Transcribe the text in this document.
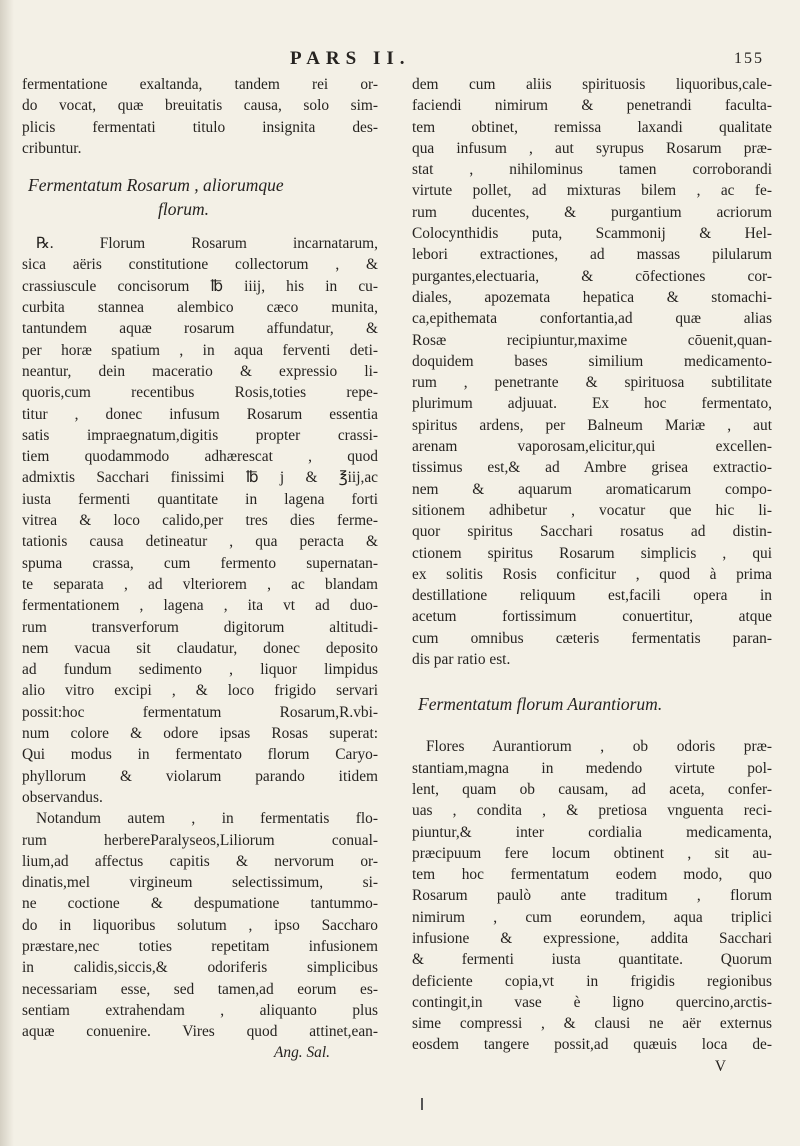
PARS II.	155

fermentatione exaltanda, tandem rei or-

do vocat, quæ breuitatis causa, solo sim-

plicis fermentati titulo insignita des-

cribuntur.

Fermentatum Rosarum , aliorumque
florum.

℞. Florum Rosarum incarnatarum,

sica aëris constitutione collectorum , &

crassiuscule concisorum ℔ iiij, his in cu-

curbita stannea alembico cæco munita,

tantundem aquæ rosarum affundatur, &

per horæ spatium , in aqua ferventi deti-

neantur, dein maceratio & expressio li-

quoris,cum recentibus Rosis,toties repe-

titur , donec infusum Rosarum essentia

satis impraegnatum,digitis propter crassi-

tiem quodammodo adhærescat , quod

admixtis Sacchari finissimi ℔ j & ℥iij,ac

iusta fermenti quantitate in lagena forti

vitrea & loco calido,per tres dies ferme-

tationis causa detineatur , qua peracta &

spuma crassa, cum fermento supernatan-

te separata , ad vlteriorem , ac blandam

fermentationem , lagena , ita vt ad duo-

rum transverforum digitorum altitudi-

nem vacua sit claudatur, donec deposito

ad fundum sedimento , liquor limpidus

alio vitro excipi , & loco frigido servari

possit:hoc fermentatum Rosarum,R.vbi-

num colore & odore ipsas Rosas superat:

Qui modus in fermentato florum Caryo-

phyllorum & violarum parando itidem

observandus.

Notandum autem , in fermentatis flo-

rum herbereParalyseos,Liliorum conual-

lium,ad affectus capitis & nervorum or-

dinatis,mel virgineum selectissimum, si-

ne coctione & despumatione tantummo-

do in liquoribus solutum , ipso Saccharo

præstare,nec toties repetitam infusionem

in calidis,siccis,& odoriferis simplicibus

necessariam esse, sed tamen,ad eorum es-

sentiam extrahendam , aliquanto plus

aquæ conuenire. Vires quod attinet,ean-

Ang. Sal.

dem cum aliis spirituosis liquoribus,cale-

faciendi nimirum & penetrandi faculta-

tem obtinet, remissa laxandi qualitate

qua infusum , aut syrupus Rosarum præ-

stat , nihilominus tamen corroborandi

virtute pollet, ad mixturas bilem , ac fe-

rum ducentes, & purgantium acriorum

Colocynthidis puta, Scammonij & Hel-

lebori extractiones, ad massas pilularum

purgantes,electuaria, & cōfectiones cor-

diales, apozemata hepatica & stomachi-

ca,epithemata confortantia,ad quæ alias

Rosæ recipiuntur,maxime cōuenit,quan-

doquidem bases similium medicamento-

rum , penetrante & spirituosa subtilitate

plurimum adjuuat. Ex hoc fermentato,

spiritus ardens, per Balneum Mariæ , aut

arenam vaporosam,elicitur,qui excellen-

tissimus est,& ad Ambre grisea extractio-

nem & aquarum aromaticarum compo-

sitionem adhibetur , vocatur que hic li-

quor spiritus Sacchari rosatus ad distin-

ctionem spiritus Rosarum simplicis , qui

ex solitis Rosis conficitur , quod à prima

destillatione reliquum est,facili opera in

acetum fortissimum conuertitur, atque

cum omnibus cæteris fermentatis paran-

dis par ratio est.

Fermentatum florum Aurantiorum.

Flores Aurantiorum , ob odoris præ-

stantiam,magna in medendo virtute pol-

lent, quam ob causam, ad aceta, confer-

uas , condita , & pretiosa vnguenta reci-

piuntur,& inter cordialia medicamenta,

præcipuum fere locum obtinent , sit au-

tem hoc fermentatum eodem modo, quo

Rosarum paulò ante traditum , florum

nimirum , cum eorundem, aqua triplici

infusione & expressione, addita Sacchari

& fermenti iusta quantitate. Quorum

deficiente copia,vt in frigidis regionibus

contingit,in vase è ligno quercino,arctis-

sime compressi , & clausi ne aër externus

eosdem tangere possit,ad quæuis loca de-

V
